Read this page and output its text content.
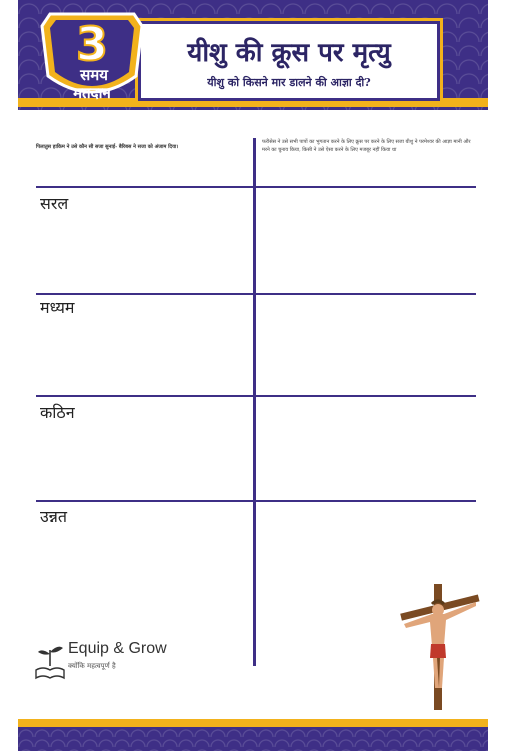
यीशु की क्रूस पर मृत्यु
यीशु को किसने मार डालने की आज्ञा दी?
3
समय
मतदान
पिलातुस हाकिम ने उसे कौन सी सजा सुनाई- बैरिबस ने सजा को अंजाम दिया।
फरीसेस ने उसे सभी पापों का भुगतान करने के लिए क्रूस पर करने के लिए सजा यीशु ने परमेश्वर की आज्ञा मानी और मरने का चुनाव किया, किसी ने उसे ऐसा करने के लिए मजबूर नहीं किया था
सरल
मध्यम
कठिन
उन्नत
Equip & Grow
क्योंकि महत्वपूर्ण है
